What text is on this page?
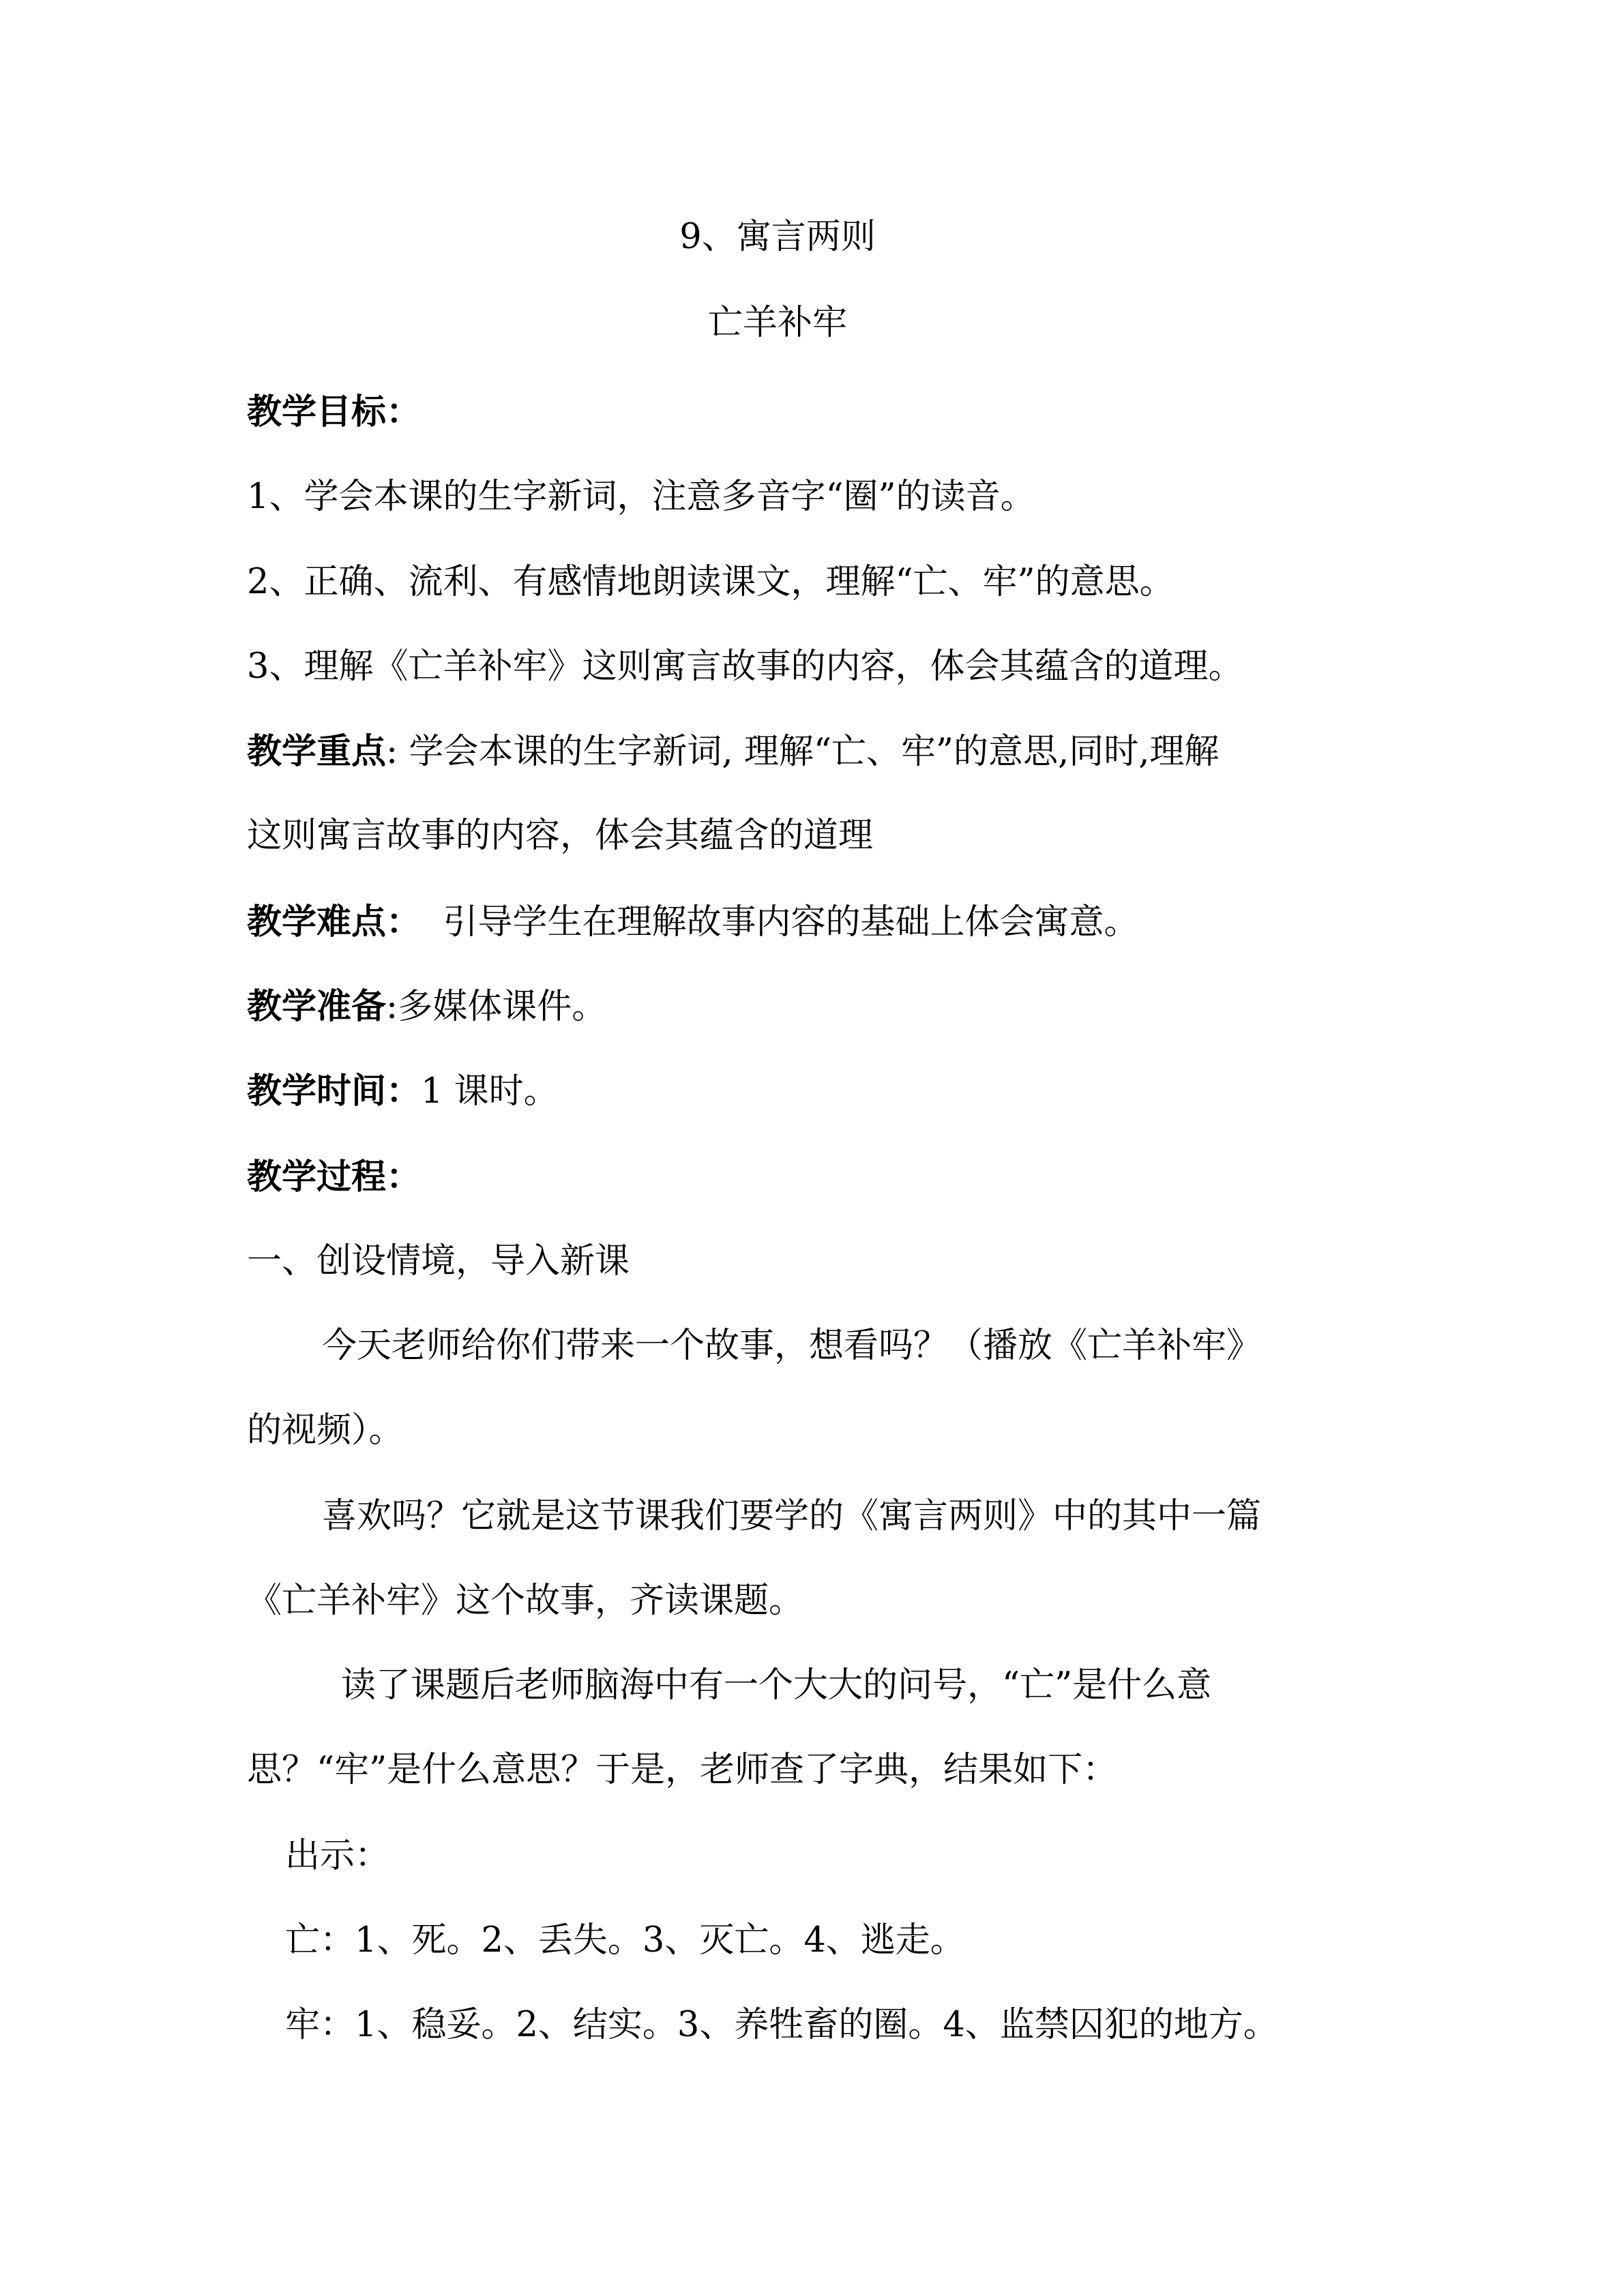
9、寓言两则
亡羊补牢
教学目标：
1、学会本课的生字新词，注意多音字“圈”的读音。
2、正确、流利、有感情地朗读课文，理解“亡、牢”的意思。
3、理解《亡羊补牢》这则寓言故事的内容，体会其蕴含的道理。
教学重点: 学会本课的生字新词, 理解“亡、牢”的意思,同时,理解
这则寓言故事的内容，体会其蕴含的道理
教学难点：  引导学生在理解故事内容的基础上体会寓意。
教学准备:多媒体课件。
教学时间：1 课时。
教学过程：
一、创设情境，导入新课
今天老师给你们带来一个故事，想看吗？（播放《亡羊补牢》
的视频）。
喜欢吗？它就是这节课我们要学的《寓言两则》中的其中一篇
《亡羊补牢》这个故事，齐读课题。
读了课题后老师脑海中有一个大大的问号，“亡”是什么意
思？“牢”是什么意思？于是，老师查了字典，结果如下：
出示：
亡：1、死。2、丢失。3、灭亡。4、逃走。
牢：1、稳妥。2、结实。3、养牲畜的圈。4、监禁囚犯的地方。
